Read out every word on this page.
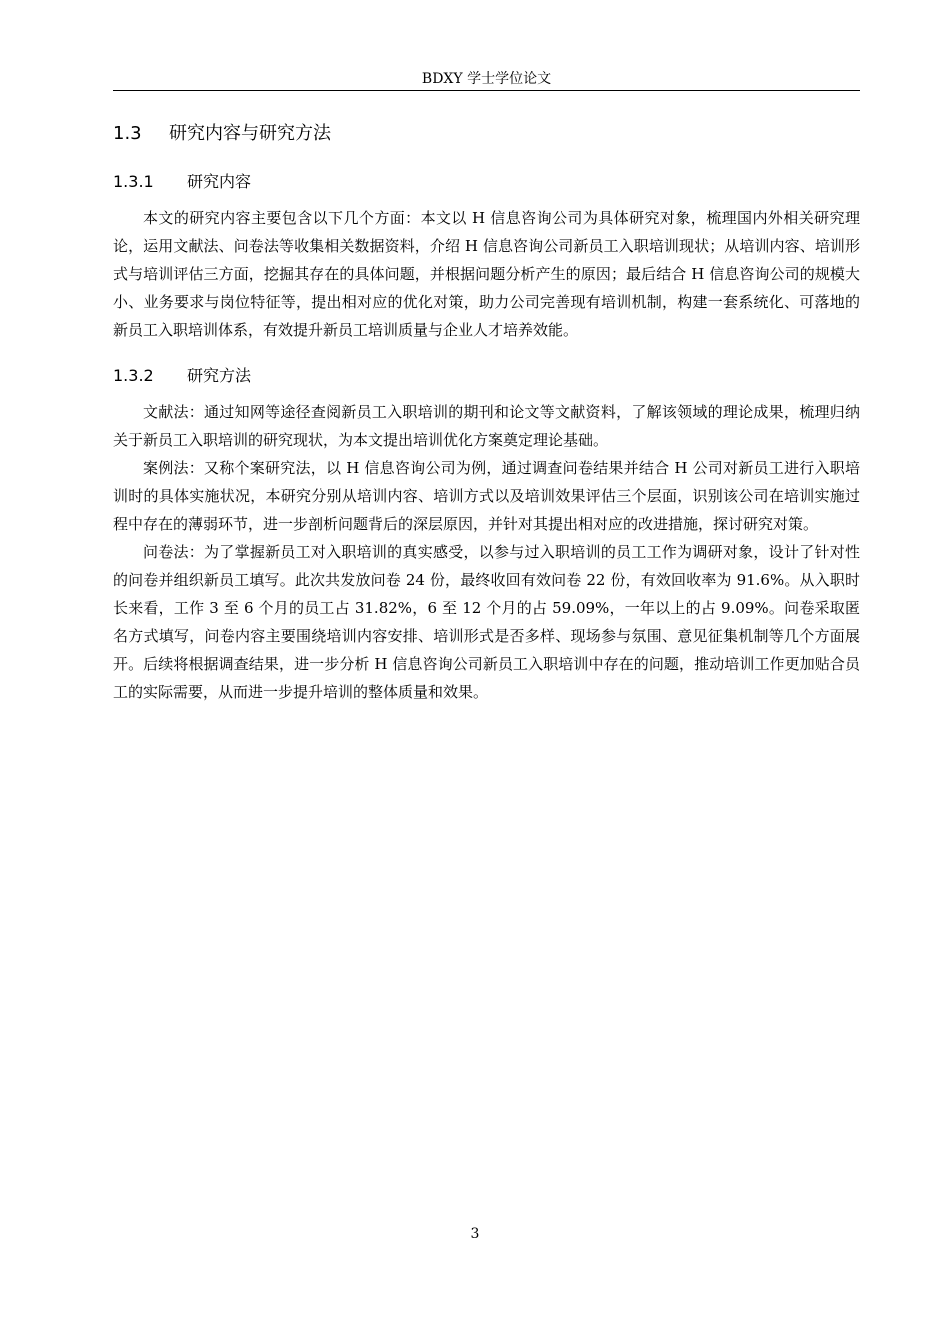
BDXY 学士学位论文
1.3	研究内容与研究方法
1.3.1	研究内容

本文的研究内容主要包含以下几个方面：本文以 H 信息咨询公司为具体研究对象，梳理国内外相关研究理论，运用文献法、问卷法等收集相关数据资料，介绍 H 信息咨询公司新员工入职培训现状；从培训内容、培训形式与培训评估三方面，挖掘其存在的具体问题，并根据问题分析产生的原因；最后结合 H 信息咨询公司的规模大小、业务要求与岗位特征等，提出相对应的优化对策，助力公司完善现有培训机制，构建一套系统化、可落地的新员工入职培训体系，有效提升新员工培训质量与企业人才培养效能。

1.3.2	研究方法

文献法：通过知网等途径查阅新员工入职培训的期刊和论文等文献资料，了解该领域的理论成果，梳理归纳关于新员工入职培训的研究现状，为本文提出培训优化方案奠定理论基础。

案例法：又称个案研究法，以 H 信息咨询公司为例，通过调查问卷结果并结合 H 公司对新员工进行入职培训时的具体实施状况，本研究分别从培训内容、培训方式以及培训效果评估三个层面，识别该公司在培训实施过程中存在的薄弱环节，进一步剖析问题背后的深层原因，并针对其提出相对应的改进措施，探讨研究对策。

问卷法：为了掌握新员工对入职培训的真实感受，以参与过入职培训的员工工作为调研对象，设计了针对性的问卷并组织新员工填写。此次共发放问卷 24 份，最终收回有效问卷 22 份，有效回收率为 91.6%。从入职时长来看，工作 3 至 6 个月的员工占 31.82%，6 至 12 个月的占 59.09%，一年以上的占 9.09%。问卷采取匿名方式填写，问卷内容主要围绕培训内容安排、培训形式是否多样、现场参与氛围、意见征集机制等几个方面展开。后续将根据调查结果，进一步分析 H 信息咨询公司新员工入职培训中存在的问题，推动培训工作更加贴合员工的实际需要，从而进一步提升培训的整体质量和效果。

3
